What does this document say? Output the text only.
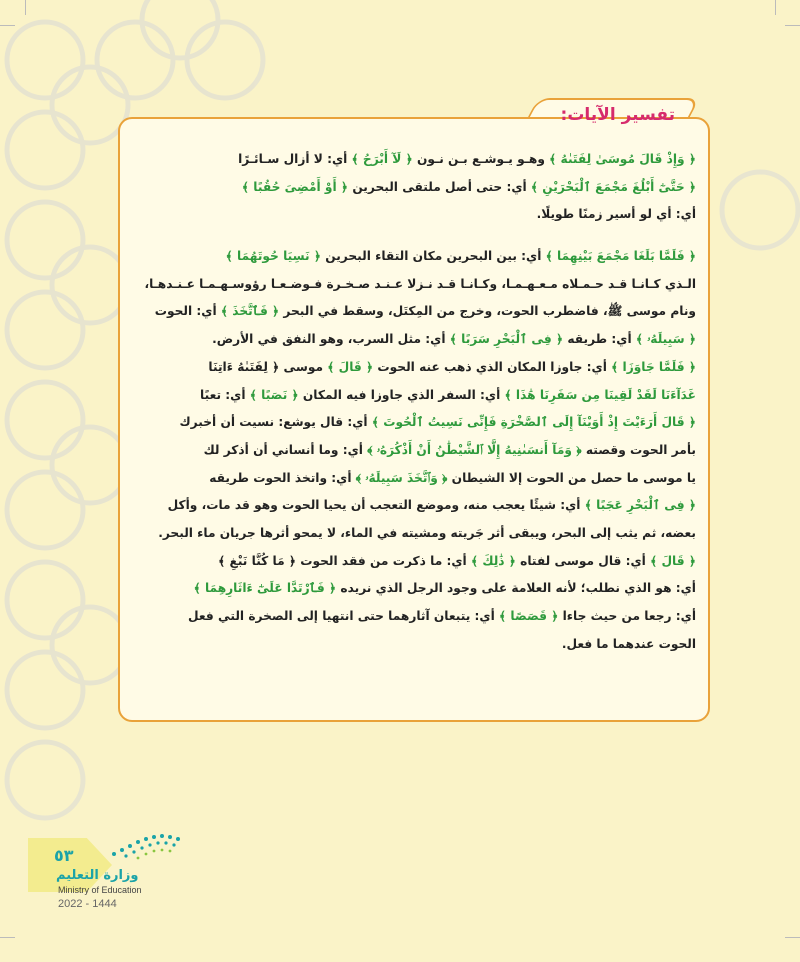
تفسير الآيات:
﴿ وَإِذْ قَالَ مُوسَىٰ لِفَتَىٰهُ ﴾ وهـو يـوشـع بـن نـون ﴿ لَآ أَبْرَحُ ﴾ أي: لا أزال سـائـرًا
﴿ حَتَّىٰٓ أَبْلُغَ مَجْمَعَ ٱلْبَحْرَيْنِ ﴾ أي: حتى أصل ملتقى البحرين ﴿ أَوْ أَمْضِىَ حُقُبًا ﴾
أي: أي لو أسير زمنًا طويلًا.
﴿ فَلَمَّا بَلَغَا مَجْمَعَ بَيْنِهِمَا ﴾ أي: بين البحرين مكان التقاء البحرين ﴿ نَسِيَا حُوتَهُمَا ﴾
الـذي كـانـا قـد حـمـلاه مـعـهـمـا، وكـانـا قـد نـزلا عـنـد صـخـرة فـوضـعـا رؤوسـهـمـا عـنـدهـا،
ونام موسى ﷺ، فاضطرب الحوت، وخرج من المِكتَل، وسقط في البحر ﴿ فَٱتَّخَذَ ﴾ أي: الحوت
﴿ سَبِيلَهُۥ ﴾ أي: طريقه ﴿ فِى ٱلْبَحْرِ سَرَبًا ﴾ أي: مثل السرب، وهو النفق في الأرض.
﴿ فَلَمَّا جَاوَزَا ﴾ أي: جاوزا المكان الذي ذهب عنه الحوت ﴿ قَالَ ﴾ موسى ﴿ لِفَتَىٰهُ ءَاتِنَا
غَدَآءَنَا لَقَدْ لَقِينَا مِن سَفَرِنَا هَٰذَا ﴾ أي: السفر الذي جاوزا فيه المكان ﴿ نَصَبًا ﴾ أي: تعبًا
﴿ قَالَ أَرَءَيْتَ إِذْ أَوَيْنَآ إِلَى ٱلصَّخْرَةِ فَإِنِّى نَسِيتُ ٱلْحُوتَ ﴾ أي: قال يوشع: نسيت أن أخبرك
بأمر الحوت وقصته ﴿ وَمَآ أَنسَىٰنِيهُ إِلَّا ٱلشَّيْطَٰنُ أَنْ أَذْكُرَهُۥ ﴾ أي: وما أنساني أن أذكر لك
يا موسى ما حصل من الحوت إلا الشيطان ﴿ وَٱتَّخَذَ سَبِيلَهُۥ ﴾ أي: واتخذ الحوت طريقه
﴿ فِى ٱلْبَحْرِ عَجَبًا ﴾ أي: شيئًا يعجب منه، وموضع التعجب أن يحيا الحوت وهو قد مات، وأكل
بعضه، ثم يثب إلى البحر، ويبقى أثر جَريته ومشيته في الماء، لا يمحو أثرها جريان ماء البحر.
﴿ قَالَ ﴾ أي: قال موسى لفتاه ﴿ ذَٰلِكَ ﴾ أي: ما ذكرت من فقد الحوت ﴿ مَا كُنَّا نَبْغِ ﴾
أي: هو الذي نطلب؛ لأنه العلامة على وجود الرجل الذي نريده ﴿ فَٱرْتَدَّا عَلَىٰٓ ءَاثَارِهِمَا ﴾
أي: رجعا من حيث جاءا ﴿ قَصَصًا ﴾ أي: يتبعان آثارهما حتى انتهيا إلى الصخرة التي فعل
الحوت عندهما ما فعل.
٥٣
وزارة التعليم
Ministry of Education
2022 - 1444
